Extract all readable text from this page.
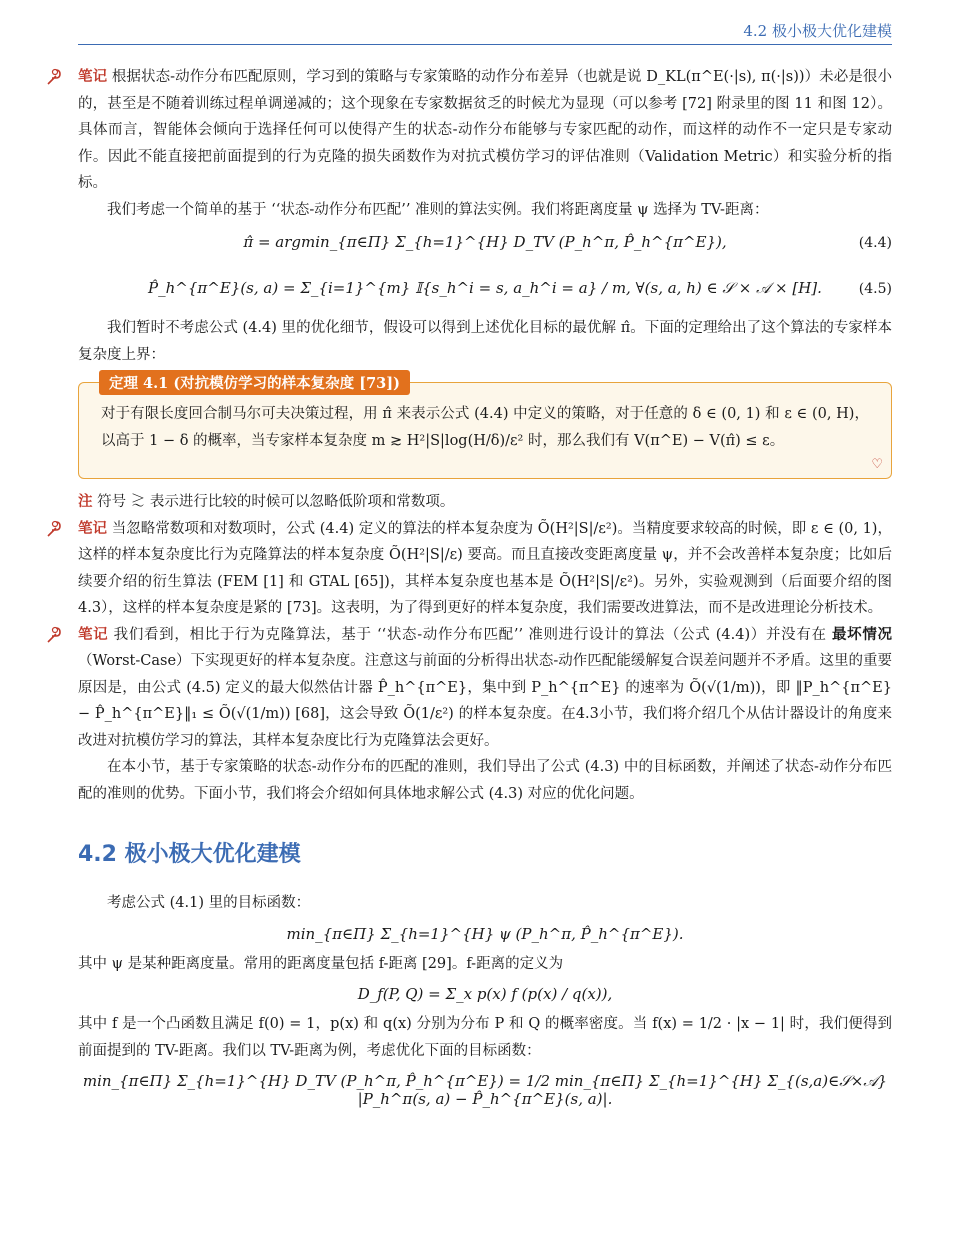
4.2 极小极大优化建模

笔记 根据状态-动作分布匹配原则，学习到的策略与专家策略的动作分布差异（也就是说 D_KL(π^E(·|s), π(·|s))）未必是很小的，甚至是不随着训练过程单调递减的；这个现象在专家数据贫乏的时候尤为显现（可以参考 [72] 附录里的图 11 和图 12）。具体而言，智能体会倾向于选择任何可以使得产生的状态-动作分布能够与专家匹配的动作，而这样的动作不一定只是专家动作。因此不能直接把前面提到的行为克隆的损失函数作为对抗式模仿学习的评估准则（Validation Metric）和实验分析的指标。

我们考虑一个简单的基于 ‘‘状态-动作分布匹配’’ 准则的算法实例。我们将距离度量 ψ 选择为 TV-距离：

π̂ = argmin_{π∈Π} Σ_{h=1}^{H} D_TV (P_h^π, P̂_h^{π^E}),	(4.4)
P̂_h^{π^E}(s, a) = Σ_{i=1}^{m} 𝕀{s_h^i = s, a_h^i = a} / m, ∀(s, a, h) ∈ 𝒮 × 𝒜 × [H].	(4.5)

我们暂时不考虑公式 (4.4) 里的优化细节，假设可以得到上述优化目标的最优解 π̂。下面的定理给出了这个算法的专家样本复杂度上界：

定理 4.1 (对抗模仿学习的样本复杂度 [73])

对于有限长度回合制马尔可夫决策过程，用 π̂ 来表示公式 (4.4) 中定义的策略，对于任意的 δ ∈ (0, 1) 和 ε ∈ (0, H)，以高于 1 − δ 的概率，当专家样本复杂度 m ≳ H²|S|log(H/δ)/ε² 时，那么我们有 V(π^E) − V(π̂) ≤ ε。

♡

注 符号 ≳ 表示进行比较的时候可以忽略低阶项和常数项。

笔记 当忽略常数项和对数项时，公式 (4.4) 定义的算法的样本复杂度为 Õ(H²|S|/ε²)。当精度要求较高的时候，即 ε ∈ (0, 1)，这样的样本复杂度比行为克隆算法的样本复杂度 Õ(H²|S|/ε) 要高。而且直接改变距离度量 ψ，并不会改善样本复杂度；比如后续要介绍的衍生算法 (FEM [1] 和 GTAL [65])，其样本复杂度也基本是 Õ(H²|S|/ε²)。另外，实验观测到（后面要介绍的图4.3），这样的样本复杂度是紧的 [73]。这表明，为了得到更好的样本复杂度，我们需要改进算法，而不是改进理论分析技术。

笔记 我们看到，相比于行为克隆算法，基于 ‘‘状态-动作分布匹配’’ 准则进行设计的算法（公式 (4.4)）并没有在 最坏情况 （Worst-Case）下实现更好的样本复杂度。注意这与前面的分析得出状态-动作匹配能缓解复合误差问题并不矛盾。这里的重要原因是，由公式 (4.5) 定义的最大似然估计器 P̂_h^{π^E}，集中到 P_h^{π^E} 的速率为 Õ(√(1/m))，即 ‖P_h^{π^E} − P̂_h^{π^E}‖₁ ≤ Õ(√(1/m)) [68]，这会导致 Õ(1/ε²) 的样本复杂度。在4.3小节，我们将介绍几个从估计器设计的角度来改进对抗模仿学习的算法，其样本复杂度比行为克隆算法会更好。

在本小节，基于专家策略的状态-动作分布的匹配的准则，我们导出了公式 (4.3) 中的目标函数，并阐述了状态-动作分布匹配的准则的优势。下面小节，我们将会介绍如何具体地求解公式 (4.3) 对应的优化问题。

4.2 极小极大优化建模

考虑公式 (4.1) 里的目标函数：

min_{π∈Π} Σ_{h=1}^{H} ψ (P_h^π, P̂_h^{π^E}).

其中 ψ 是某种距离度量。常用的距离度量包括 f-距离 [29]。f-距离的定义为

D_f(P, Q) = Σ_x p(x) f (p(x) / q(x)),

其中 f 是一个凸函数且满足 f(0) = 1，p(x) 和 q(x) 分别为分布 P 和 Q 的概率密度。当 f(x) = 1/2 · |x − 1| 时，我们便得到前面提到的 TV-距离。我们以 TV-距离为例，考虑优化下面的目标函数：

min_{π∈Π} Σ_{h=1}^{H} D_TV (P_h^π, P̂_h^{π^E}) = 1/2 min_{π∈Π} Σ_{h=1}^{H} Σ_{(s,a)∈𝒮×𝒜} |P_h^π(s, a) − P̂_h^{π^E}(s, a)|.
